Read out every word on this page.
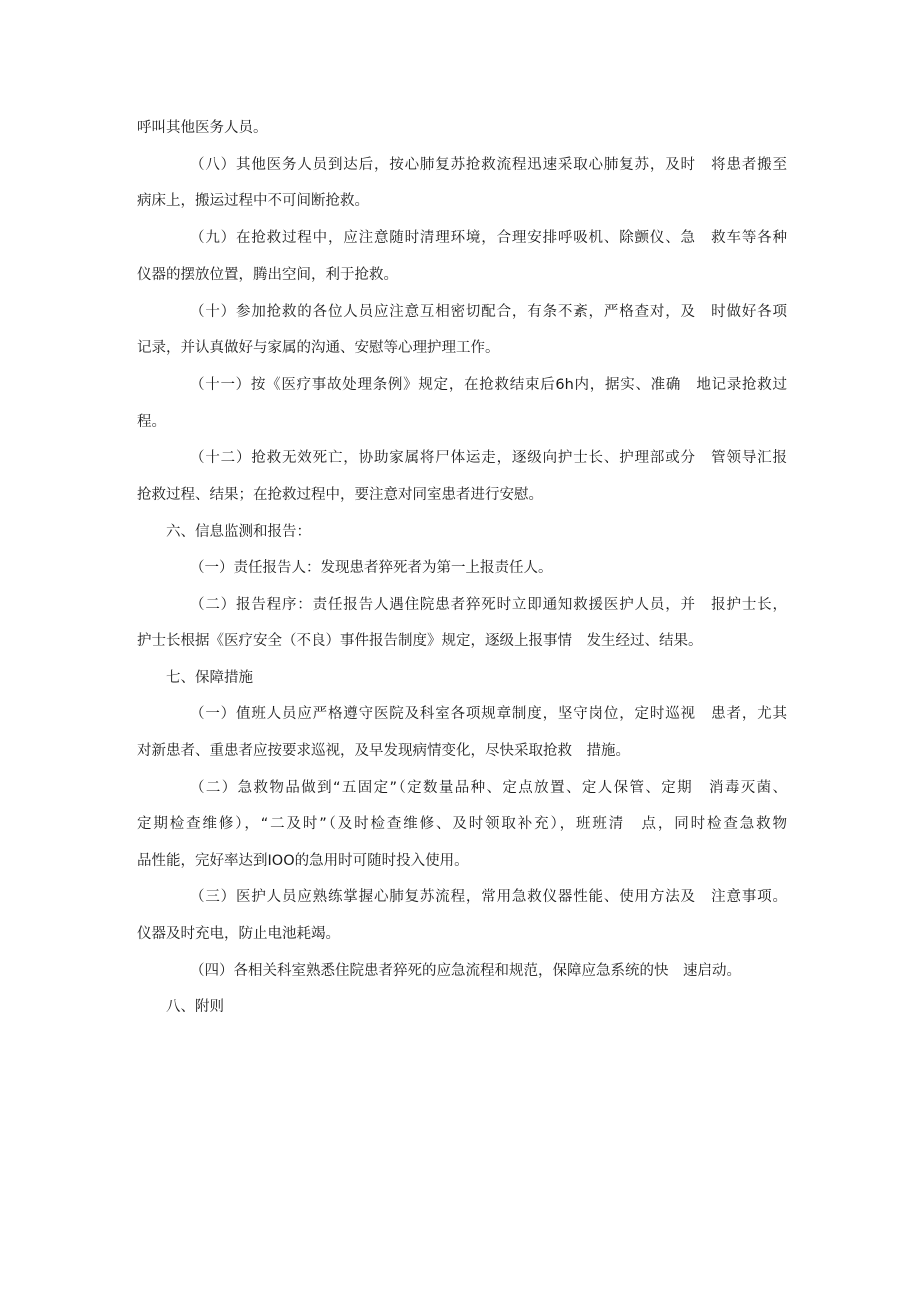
呼叫其他医务人员。
（八）其他医务人员到达后，按心肺复苏抢救流程迅速采取心肺复苏，及时　将患者搬至
病床上，搬运过程中不可间断抢救。
（九）在抢救过程中，应注意随时清理环境，合理安排呼吸机、除颤仪、急　救车等各种
仪器的摆放位置，腾出空间，利于抢救。
（十）参加抢救的各位人员应注意互相密切配合，有条不紊，严格查对，及　时做好各项
记录，并认真做好与家属的沟通、安慰等心理护理工作。
（十一）按《医疗事故处理条例》规定，在抢救结束后6h内，据实、准确　地记录抢救过
程。
（十二）抢救无效死亡，协助家属将尸体运走，逐级向护士长、护理部或分　管领导汇报
抢救过程、结果；在抢救过程中，要注意对同室患者进行安慰。
六、信息监测和报告：
（一）责任报告人：发现患者猝死者为第一上报责任人。
（二）报告程序：责任报告人遇住院患者猝死时立即通知救援医护人员，并　报护士长，
护士长根据《医疗安全（不良）事件报告制度》规定，逐级上报事情　发生经过、结果。
七、保障措施
（一）值班人员应严格遵守医院及科室各项规章制度，坚守岗位，定时巡视　患者，尤其
对新患者、重患者应按要求巡视，及早发现病情变化，尽快采取抢救　措施。
（二）急救物品做到“五固定”（定数量品种、定点放置、定人保管、定期　消毒灭菌、
定期检查维修），“二及时”（及时检查维修、及时领取补充），班班清　点，同时检查急救物
品性能，完好率达到IOO的急用时可随时投入使用。
（三）医护人员应熟练掌握心肺复苏流程，常用急救仪器性能、使用方法及　注意事项。
仪器及时充电，防止电池耗竭。
（四）各相关科室熟悉住院患者猝死的应急流程和规范，保障应急系统的快　速启动。
八、附则
